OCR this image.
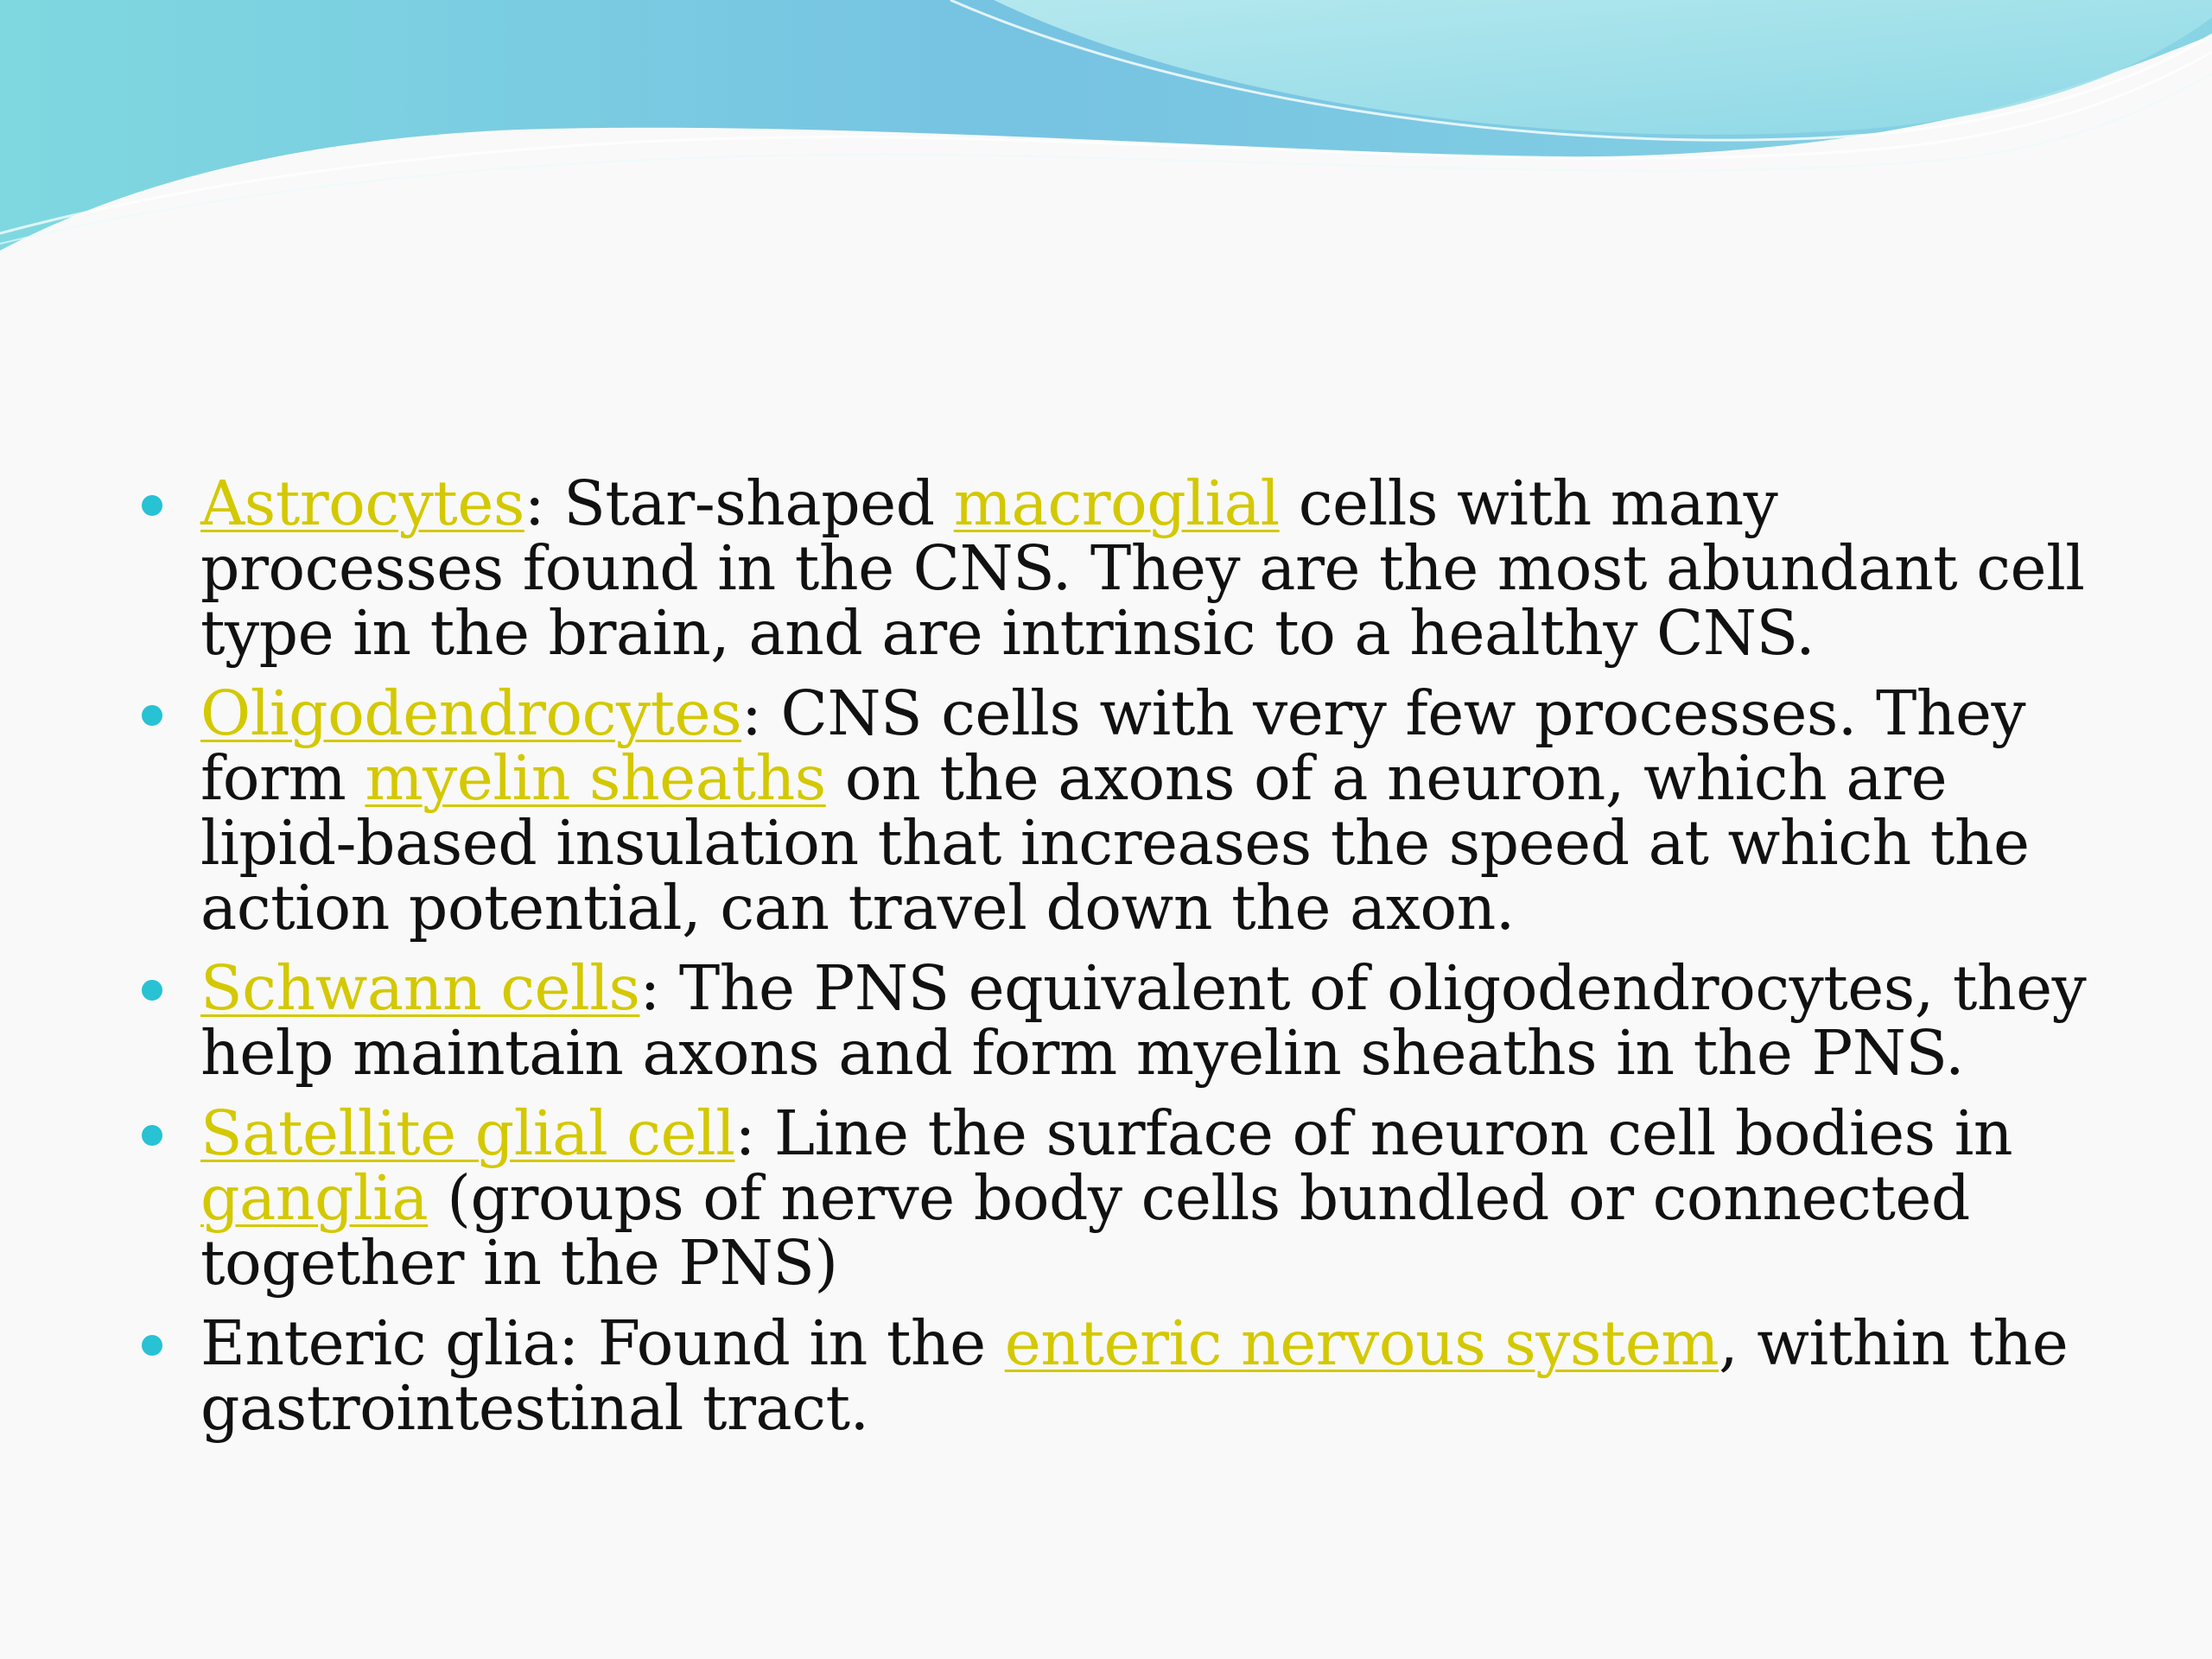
Astrocytes: Star-shaped macroglial cells with many processes found in the CNS. They are the most abundant cell type in the brain, and are intrinsic to a healthy CNS.
Oligodendrocytes: CNS cells with very few processes. They form myelin sheaths on the axons of a neuron, which are lipid-based insulation that increases the speed at which the action potential, can travel down the axon.
Schwann cells: The PNS equivalent of oligodendrocytes, they help maintain axons and form myelin sheaths in the PNS.
Satellite glial cell: Line the surface of neuron cell bodies in ganglia (groups of nerve body cells bundled or connected together in the PNS)
Enteric glia: Found in the enteric nervous system, within the gastrointestinal tract.
